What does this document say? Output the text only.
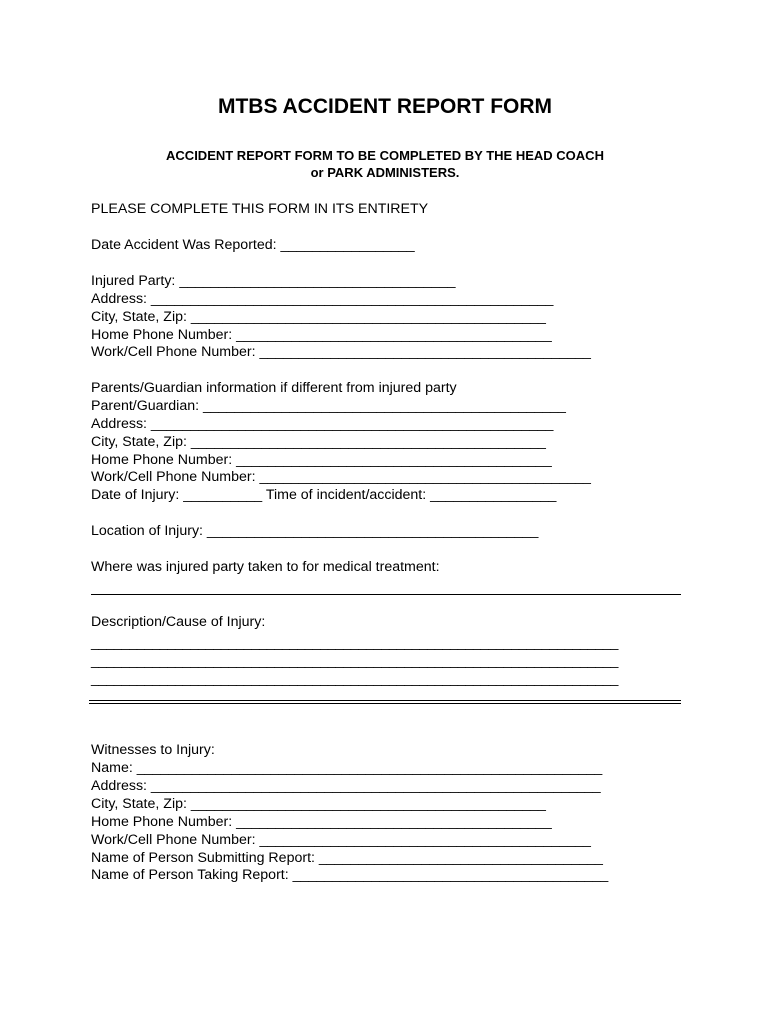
MTBS ACCIDENT REPORT FORM
ACCIDENT REPORT FORM TO BE COMPLETED BY THE HEAD COACH
or PARK ADMINISTERS.
PLEASE COMPLETE THIS FORM IN ITS ENTIRETY
Date Accident Was Reported: _________________
Injured Party: ___________________________________
Address: ___________________________________________________
City, State, Zip: _____________________________________________
Home Phone Number: ________________________________________
Work/Cell Phone Number: __________________________________________
Parents/Guardian information if different from injured party
Parent/Guardian: ______________________________________________
Address: ___________________________________________________
City, State, Zip: _____________________________________________
Home Phone Number: ________________________________________
Work/Cell Phone Number: __________________________________________
Date of Injury: __________ Time of incident/accident: ________________
Location of Injury: __________________________________________
Where was injured party taken to for medical treatment:
Description/Cause of Injury:
_____________________________________________________________________
_____________________________________________________________________
_____________________________________________________________________
_____________________________________________________________________
Witnesses to Injury:
Name: ___________________________________________________________
Address: _________________________________________________________
City, State, Zip: _____________________________________________
Home Phone Number: ________________________________________
Work/Cell Phone Number: __________________________________________
Name of Person Submitting Report: ____________________________________
Name of Person Taking Report: ________________________________________
